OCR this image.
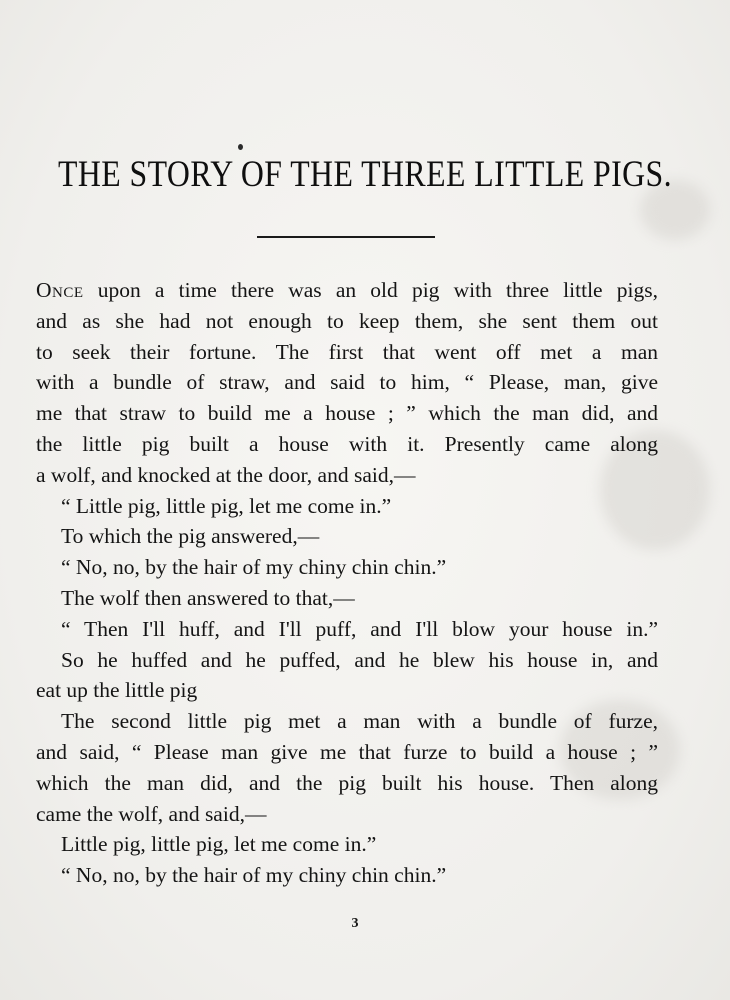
THE STORY OF THE THREE LITTLE PIGS.
Once upon a time there was an old pig with three little pigs,
and as she had not enough to keep them, she sent them out
to seek their fortune. The first that went off met a man
with a bundle of straw, and said to him, “ Please, man, give
me that straw to build me a house ; ” which the man did, and
the little pig built a house with it. Presently came along
a wolf, and knocked at the door, and said,—
“ Little pig, little pig, let me come in.”
To which the pig answered,—
“ No, no, by the hair of my chiny chin chin.”
The wolf then answered to that,—
“ Then I'll huff, and I'll puff, and I'll blow your house in.”
So he huffed and he puffed, and he blew his house in, and
eat up the little pig
The second little pig met a man with a bundle of furze,
and said, “ Please man give me that furze to build a house ; ”
which the man did, and the pig built his house. Then along
came the wolf, and said,—
Little pig, little pig, let me come in.”
“ No, no, by the hair of my chiny chin chin.”
3
